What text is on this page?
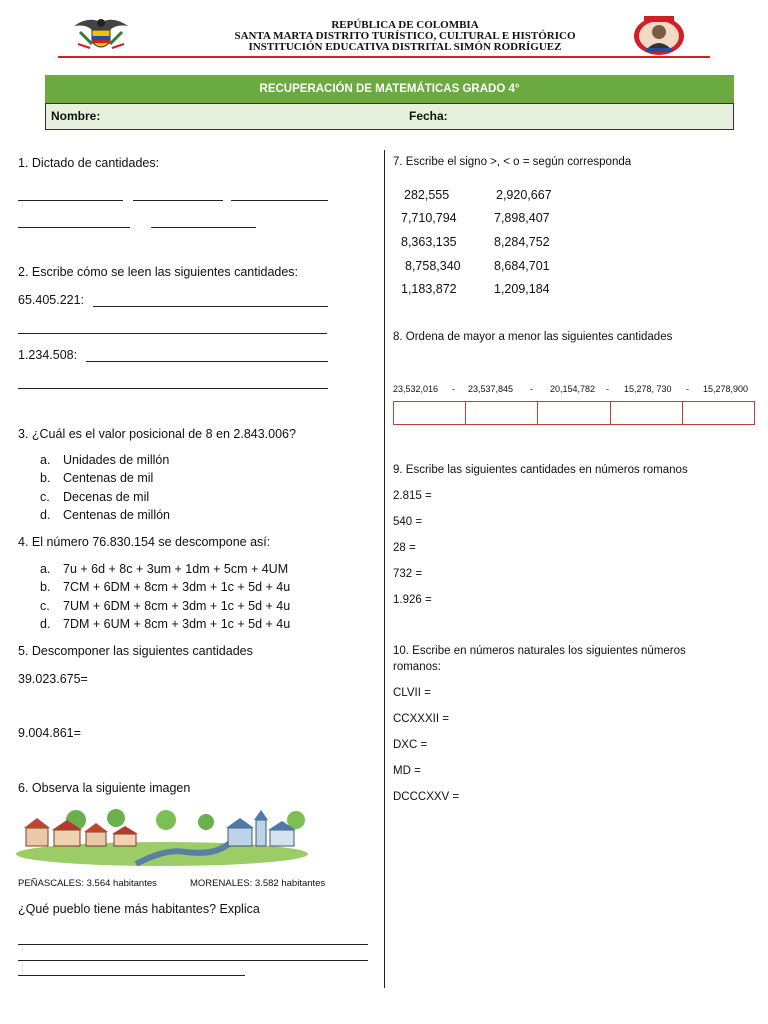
REPÚBLICA DE COLOMBIA
SANTA MARTA DISTRITO TURÍSTICO, CULTURAL E HISTÓRICO
INSTITUCIÓN EDUCATIVA DISTRITAL SIMÓN RODRÍGUEZ
RECUPERACIÓN DE MATEMÁTICAS GRADO 4°
Nombre:	Fecha:
1. Dictado de cantidades:
2. Escribe cómo se leen las siguientes cantidades:
65.405.221:
1.234.508:
3. ¿Cuál es el valor posicional de 8 en 2.843.006?
a. Unidades de millón
b. Centenas de mil
c. Decenas de mil
d. Centenas de millón
4. El número 76.830.154 se descompone así:
a. 7u + 6d + 8c + 3um + 1dm + 5cm + 4UM
b. 7CM + 6DM + 8cm + 3dm + 1c + 5d + 4u
c. 7UM + 6DM + 8cm + 3dm + 1c + 5d + 4u
d. 7DM + 6UM + 8cm + 3dm + 1c + 5d + 4u
5. Descomponer las siguientes cantidades
39.023.675=
9.004.861=
6. Observa la siguiente imagen
PEÑASCALES: 3.564 habitantes	MORENALES: 3.582 habitantes
¿Qué pueblo tiene más habitantes? Explica
7. Escribe el signo >, < o = según corresponda
282,555	2,920,667
7,710,794	7,898,407
8,363,135	8,284,752
8,758,340	8,684,701
1,183,872	1,209,184
8. Ordena de mayor a menor las siguientes cantidades
23,532,016 - 23,537,845 - 20,154,782 - 15,278, 730 - 15,278,900
9. Escribe las siguientes cantidades en números romanos
2.815 =
540 =
28 =
732 =
1.926 =
10. Escribe en números naturales los siguientes números
romanos:
CLVII =
CCXXXII =
DXC =
MD =
DCCCXXV =
